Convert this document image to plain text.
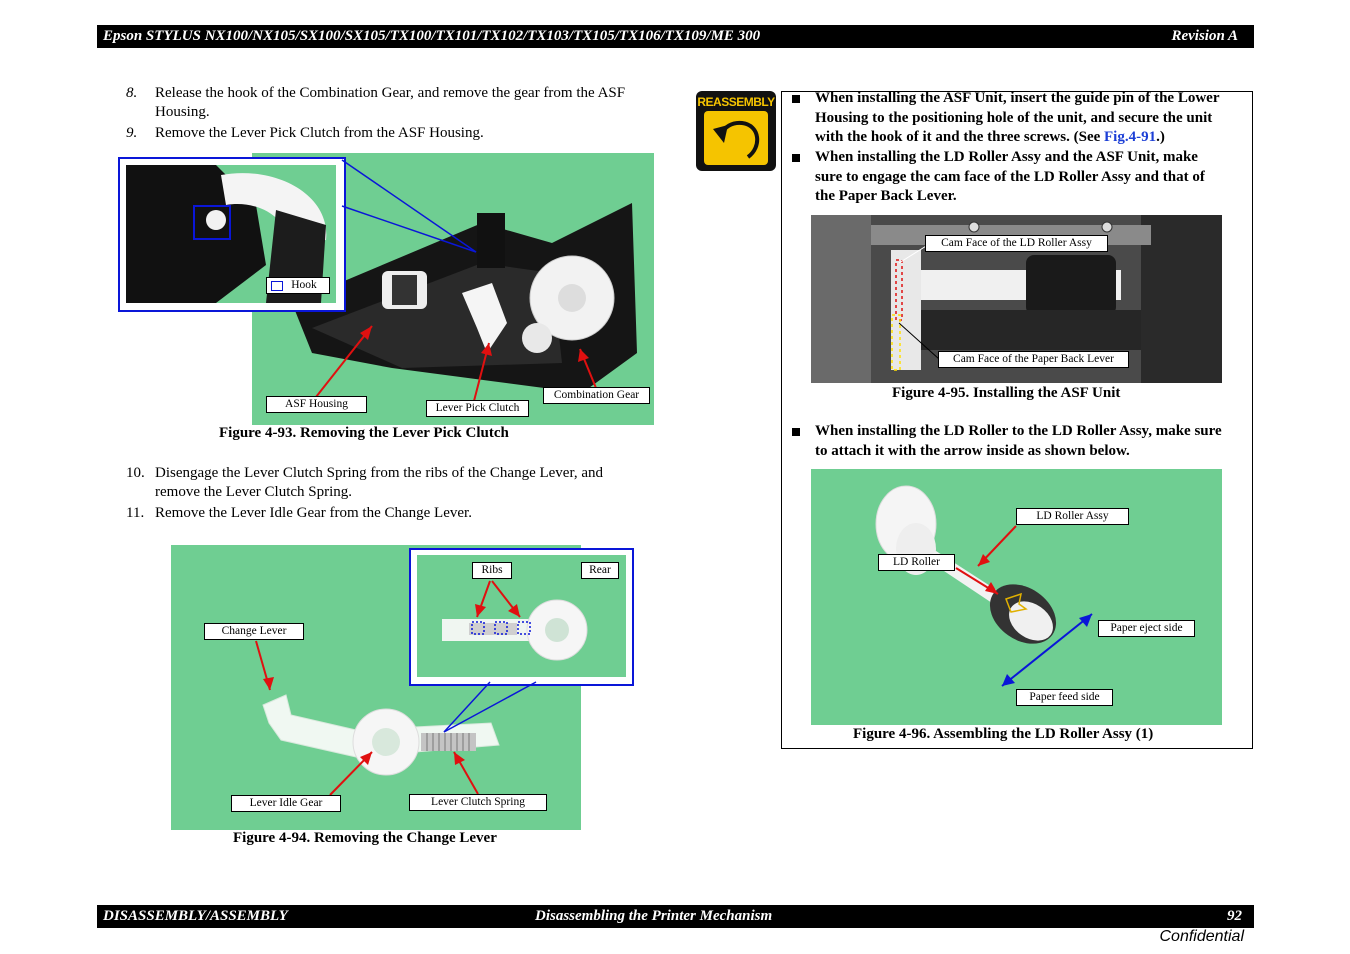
Epson STYLUS NX100/NX105/SX100/SX105/TX100/TX101/TX102/TX103/TX105/TX106/TX109/ME 300	Revision A
8. Release the hook of the Combination Gear, and remove the gear from the ASF
Housing.
9. Remove the Lever Pick Clutch from the ASF Housing.
Hook
ASF Housing	Lever Pick Clutch
Combination Gear
Figure 4-93. Removing the Lever Pick Clutch
10. Disengage the Lever Clutch Spring from the ribs of the Change Lever, and
remove the Lever Clutch Spring.
11. Remove the Lever Idle Gear from the Change Lever.
Ribs	Rear
Change Lever
Lever Idle Gear	Lever Clutch Spring
Figure 4-94. Removing the Change Lever
REASSEMBLY	When installing the ASF Unit, insert the guide pin of the Lower
Housing to the positioning hole of the unit, and secure the unit
with the hook of it and the three screws. (See Fig.4-91.)
When installing the LD Roller Assy and the ASF Unit, make
sure to engage the cam face of the LD Roller Assy and that of
the Paper Back Lever.
Cam Face of the LD Roller Assy
Cam Face of the Paper Back Lever
Figure 4-95. Installing the ASF Unit
When installing the LD Roller to the LD Roller Assy, make sure
to attach it with the arrow inside as shown below.
LD Roller Assy
LD Roller
Paper eject side
Paper feed side
Figure 4-96. Assembling the LD Roller Assy (1)
DISASSEMBLY/ASSEMBLY	Disassembling the Printer Mechanism	92
Confidential
